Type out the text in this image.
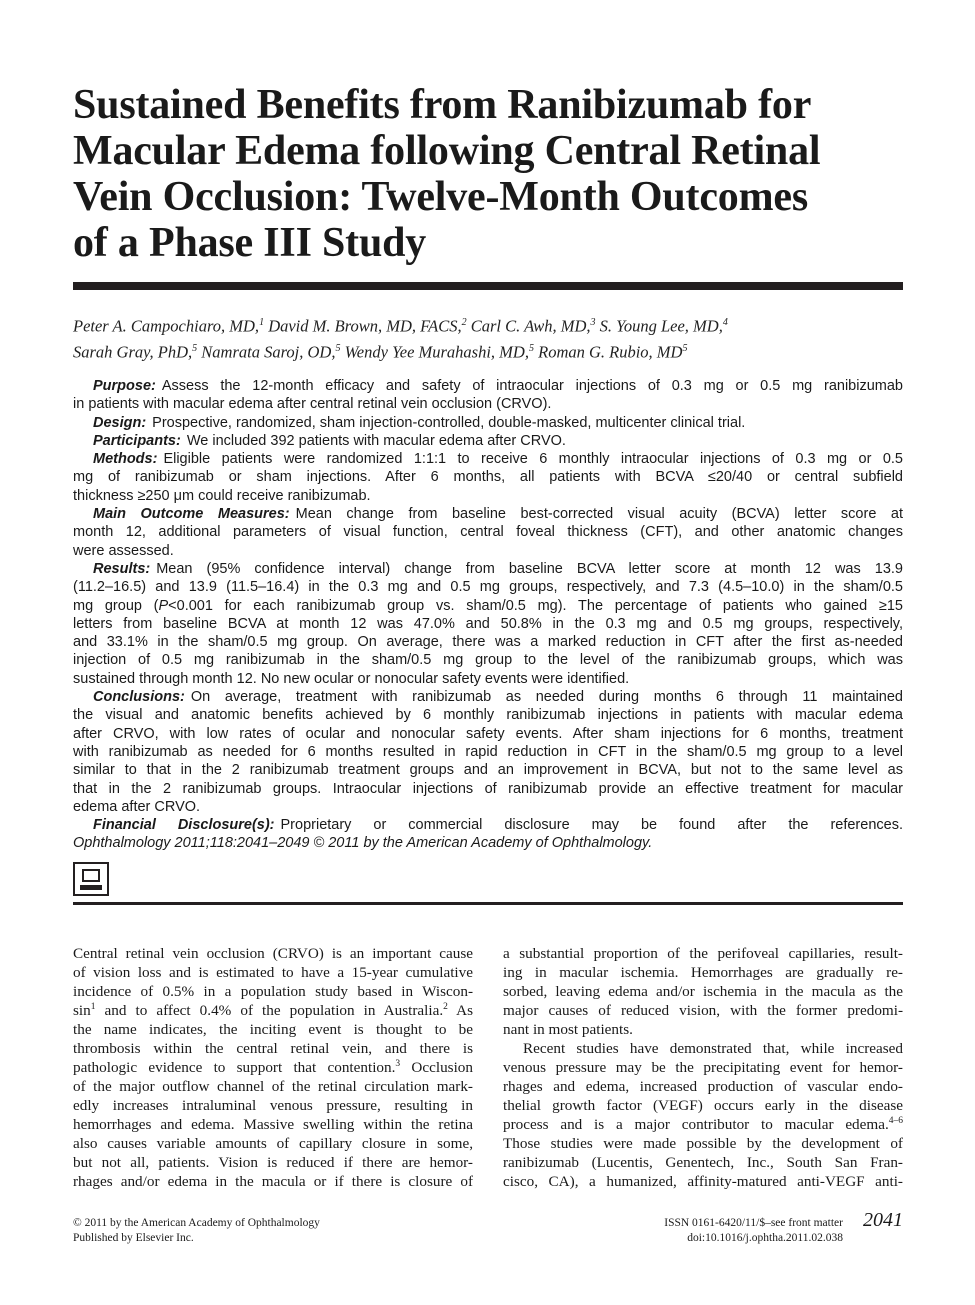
Sustained Benefits from Ranibizumab for
Macular Edema following Central Retinal
Vein Occlusion: Twelve-Month Outcomes
of a Phase III Study
Peter A. Campochiaro, MD,$^1$ David M. Brown, MD, FACS,$^2$ Carl C. Awh, MD,$^3$ S. Young Lee, MD,$^4$
Sarah Gray, PhD,$^5$ Namrata Saroj, OD,$^5$ Wendy Yee Murahashi, MD,$^5$ Roman G. Rubio, $MD^5$
Purpose: Assess the 12-month efficacy and safety of intraocular injections of 0.3 mg or 0.5 mg ranibizumab
in patients with macular edema after central retinal vein occlusion (CRVO).
Design: Prospective, randomized, sham injection-controlled, double-masked, multicenter clinical trial.
Participants: We included 392 patients with macular edema after CRVO.
Methods: Eligible patients were randomized 1:1:1 to receive 6 monthly intraocular injections of 0.3 mg or 0.5
mg of ranibizumab or sham injections. After 6 months, all patients with BCVA ≤20/40 or central subfield
thickness ≥250 μm could receive ranibizumab.
Main Outcome Measures: Mean change from baseline best-corrected visual acuity (BCVA) letter score at
month 12, additional parameters of visual function, central foveal thickness (CFT), and other anatomic changes
were assessed.
Results: Mean (95% confidence interval) change from baseline BCVA letter score at month 12 was 13.9
(11.2–16.5) and 13.9 (11.5–16.4) in the 0.3 mg and 0.5 mg groups, respectively, and 7.3 (4.5–10.0) in the sham/0.5
mg group (P<0.001 for each ranibizumab group vs. sham/0.5 mg). The percentage of patients who gained ≥15
letters from baseline BCVA at month 12 was 47.0% and 50.8% in the 0.3 mg and 0.5 mg groups, respectively,
and 33.1% in the sham/0.5 mg group. On average, there was a marked reduction in CFT after the first as-needed
injection of 0.5 mg ranibizumab in the sham/0.5 mg group to the level of the ranibizumab groups, which was
sustained through month 12. No new ocular or nonocular safety events were identified.
Conclusions: On average, treatment with ranibizumab as needed during months 6 through 11 maintained
the visual and anatomic benefits achieved by 6 monthly ranibizumab injections in patients with macular edema
after CRVO, with low rates of ocular and nonocular safety events. After sham injections for 6 months, treatment
with ranibizumab as needed for 6 months resulted in rapid reduction in CFT in the sham/0.5 mg group to a level
similar to that in the 2 ranibizumab treatment groups and an improvement in BCVA, but not to the same level as
that in the 2 ranibizumab groups. Intraocular injections of ranibizumab provide an effective treatment for macular
edema after CRVO.
Financial Disclosure(s): Proprietary or commercial disclosure may be found after the references.
Ophthalmology 2011;118:2041–2049 © 2011 by the American Academy of Ophthalmology.
Central retinal vein occlusion (CRVO) is an important cause
of vision loss and is estimated to have a 15-year cumulative
incidence of 0.5% in a population study based in Wiscon-
$\sin^1$ and to affect 0.4% of the population in Australia.$^2$ As
the name indicates, the inciting event is thought to be
thrombosis within the central retinal vein, and there is
pathologic evidence to support that contention.$^3$ Occlusion
of the major outflow channel of the retinal circulation mark-
edly increases intraluminal venous pressure, resulting in
hemorrhages and edema. Massive swelling within the retina
also causes variable amounts of capillary closure in some,
but not all, patients. Vision is reduced if there are hemor-
rhages and/or edema in the macula or if there is closure of
a substantial proportion of the perifoveal capillaries, result-
ing in macular ischemia. Hemorrhages are gradually re-
sorbed, leaving edema and/or ischemia in the macula as the
major causes of reduced vision, with the former predomi-
nant in most patients.
Recent studies have demonstrated that, while increased
venous pressure may be the precipitating event for hemor-
rhages and edema, increased production of vascular endo-
thelial growth factor (VEGF) occurs early in the disease
process and is a major contributor to macular edema.$^{4-6}$
Those studies were made possible by the development of
ranibizumab (Lucentis, Genentech, Inc., South San Fran-
cisco, CA), a humanized, affinity-matured anti-VEGF anti-
© 2011 by the American Academy of Ophthalmology
Published by Elsevier Inc.
ISSN 0161-6420/11/$–see front matter
doi:10.1016/j.ophtha.2011.02.038
2041
